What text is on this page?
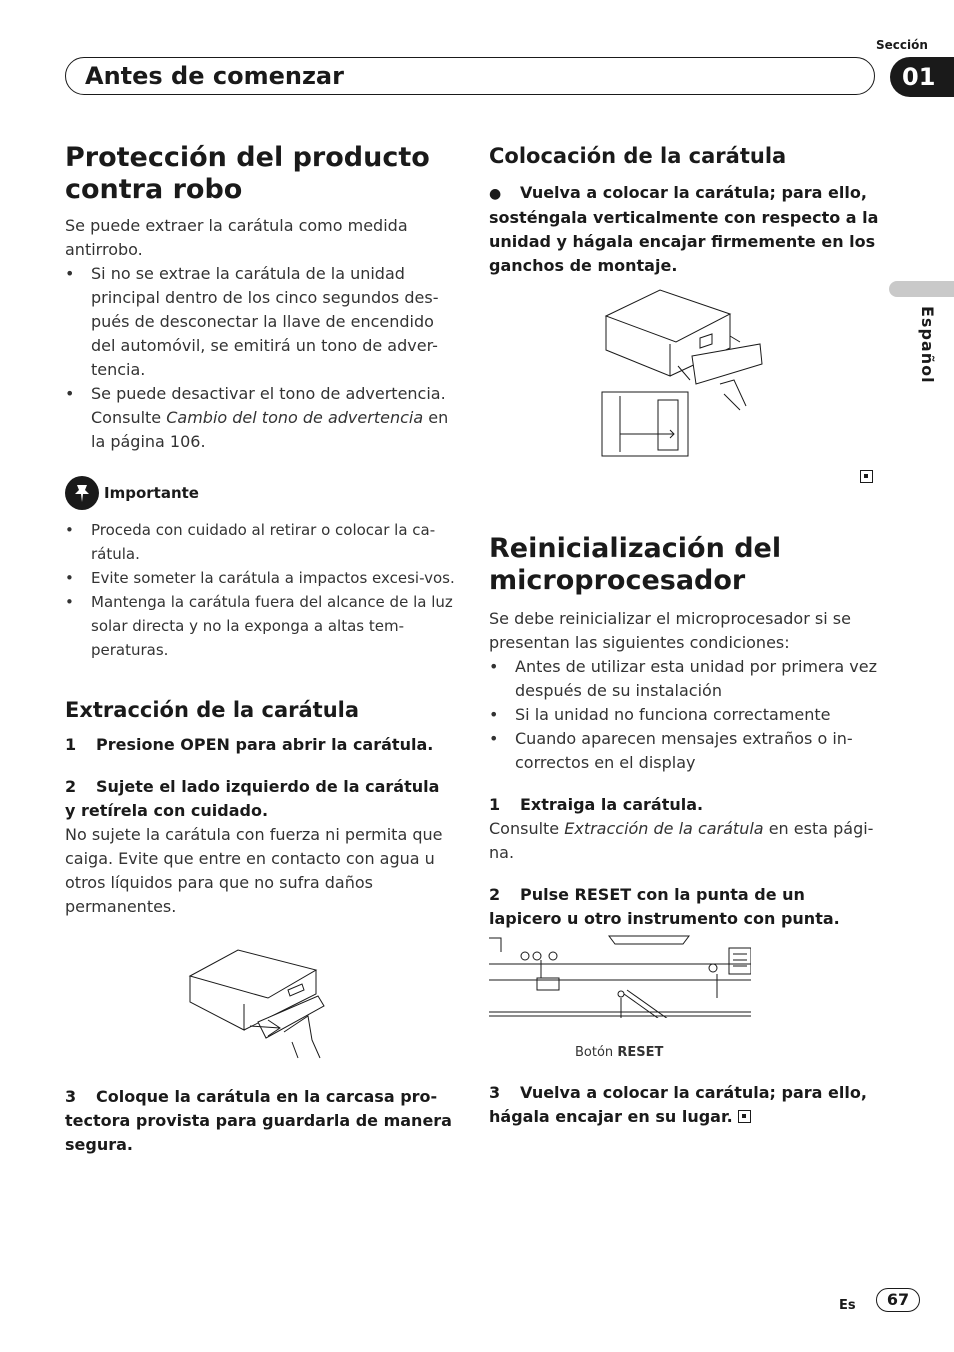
Sección
01
Antes de comenzar
Español
Protección del producto contra robo

Se puede extraer la carátula como medida antirrobo.

• Si no se extrae la carátula de la unidad principal dentro de los cinco segundos des-pués de desconectar la llave de encendido del automóvil, se emitirá un tono de adver-tencia.
• Se puede desactivar el tono de advertencia. Consulte Cambio del tono de advertencia en la página 106.
Importante
• Proceda con cuidado al retirar o colocar la ca-rátula.
• Evite someter la carátula a impactos excesi-vos.
• Mantenga la carátula fuera del alcance de la luz solar directa y no la exponga a altas tem-peraturas.
Extracción de la carátula

1 Presione OPEN para abrir la carátula.

2 Sujete el lado izquierdo de la carátula y retírela con cuidado.

No sujete la carátula con fuerza ni permita que caiga. Evite que entre en contacto con agua u otros líquidos para que no sufra daños permanentes.

3 Coloque la carátula en la carcasa pro-tectora provista para guardarla de manera segura.

Colocación de la carátula

● Vuelva a colocar la carátula; para ello, sosténgala verticalmente con respecto a la unidad y hágala encajar firmemente en los ganchos de montaje.

Reinicialización del microprocesador

Se debe reinicializar el microprocesador si se presentan las siguientes condiciones:

• Antes de utilizar esta unidad por primera vez después de su instalación
• Si la unidad no funciona correctamente
• Cuando aparecen mensajes extraños o in-correctos en el display

1 Extraiga la carátula.

Consulte Extracción de la carátula en esta pági-na.

2 Pulse RESET con la punta de un lapicero u otro instrumento con punta.

Botón RESET

3 Vuelva a colocar la carátula; para ello, hágala encajar en su lugar.

Es	67
